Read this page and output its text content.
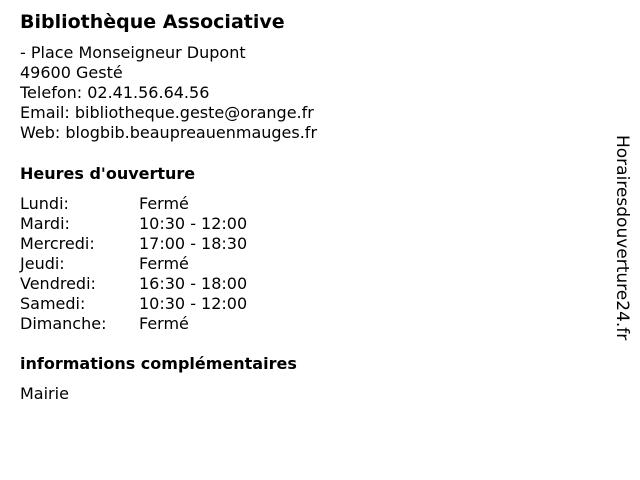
Bibliothèque Associative
- Place Monseigneur Dupont
49600 Gesté
Telefon: 02.41.56.64.56
Email: bibliotheque.geste@orange.fr
Web: blogbib.beaupreauenmauges.fr
Heures d'ouverture
Lundi:	Fermé
Mardi:	10:30 - 12:00
Mercredi:	17:00 - 18:30
Jeudi:	Fermé
Vendredi:	16:30 - 18:00
Samedi:	10:30 - 12:00
Dimanche: Fermé
informations complémentaires
Mairie
Horairesdouverture24.fr
